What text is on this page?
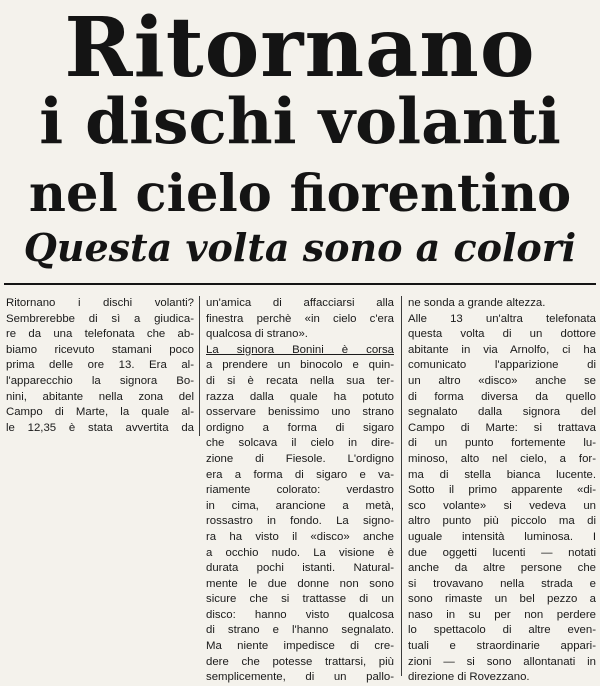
Ritornano
i dischi volanti
nel cielo fiorentino
Questa volta sono a colori
Ritornano i dischi volanti?
Sembrerebbe di sì a giudica-
re da una telefonata che ab-
biamo ricevuto stamani poco
prima delle ore 13. Era al-
l'apparecchio la signora Bo-
nini, abitante nella zona del
Campo di Marte, la quale al-
le 12,35 è stata avvertita da
un'amica di affacciarsi alla
finestra perchè «in cielo c'era
qualcosa di strano».
La signora Bonini è corsa
a prendere un binocolo e quin-
di si è recata nella sua ter-
razza dalla quale ha potuto
osservare benissimo uno strano
ordigno a forma di sigaro
che solcava il cielo in dire-
zione di Fiesole. L'ordigno
era a forma di sigaro e va-
riamente colorato: verdastro
in cima, arancione a metà,
rossastro in fondo. La signo-
ra ha visto il «disco» anche
a occhio nudo. La visione è
durata pochi istanti. Natural-
mente le due donne non sono
sicure che si trattasse di un
disco: hanno visto qualcosa
di strano e l'hanno segnalato.
Ma niente impedisce di cre-
dere che potesse trattarsi, più
semplicemente, di un pallo-
ne sonda a grande altezza.
Alle 13 un'altra telefonata
questa volta di un dottore
abitante in via Arnolfo, ci ha
comunicato l'apparizione di
un altro «disco» anche se
di forma diversa da quello
segnalato dalla signora del
Campo di Marte: si trattava
di un punto fortemente lu-
minoso, alto nel cielo, a for-
ma di stella bianca lucente.
Sotto il primo apparente «di-
sco volante» si vedeva un
altro punto più piccolo ma di
uguale intensità luminosa. I
due oggetti lucenti — notati
anche da altre persone che
si trovavano nella strada e
sono rimaste un bel pezzo a
naso in su per non perdere
lo spettacolo di altre even-
tuali e straordinarie appari-
zioni — si sono allontanati in
direzione di Rovezzano.
